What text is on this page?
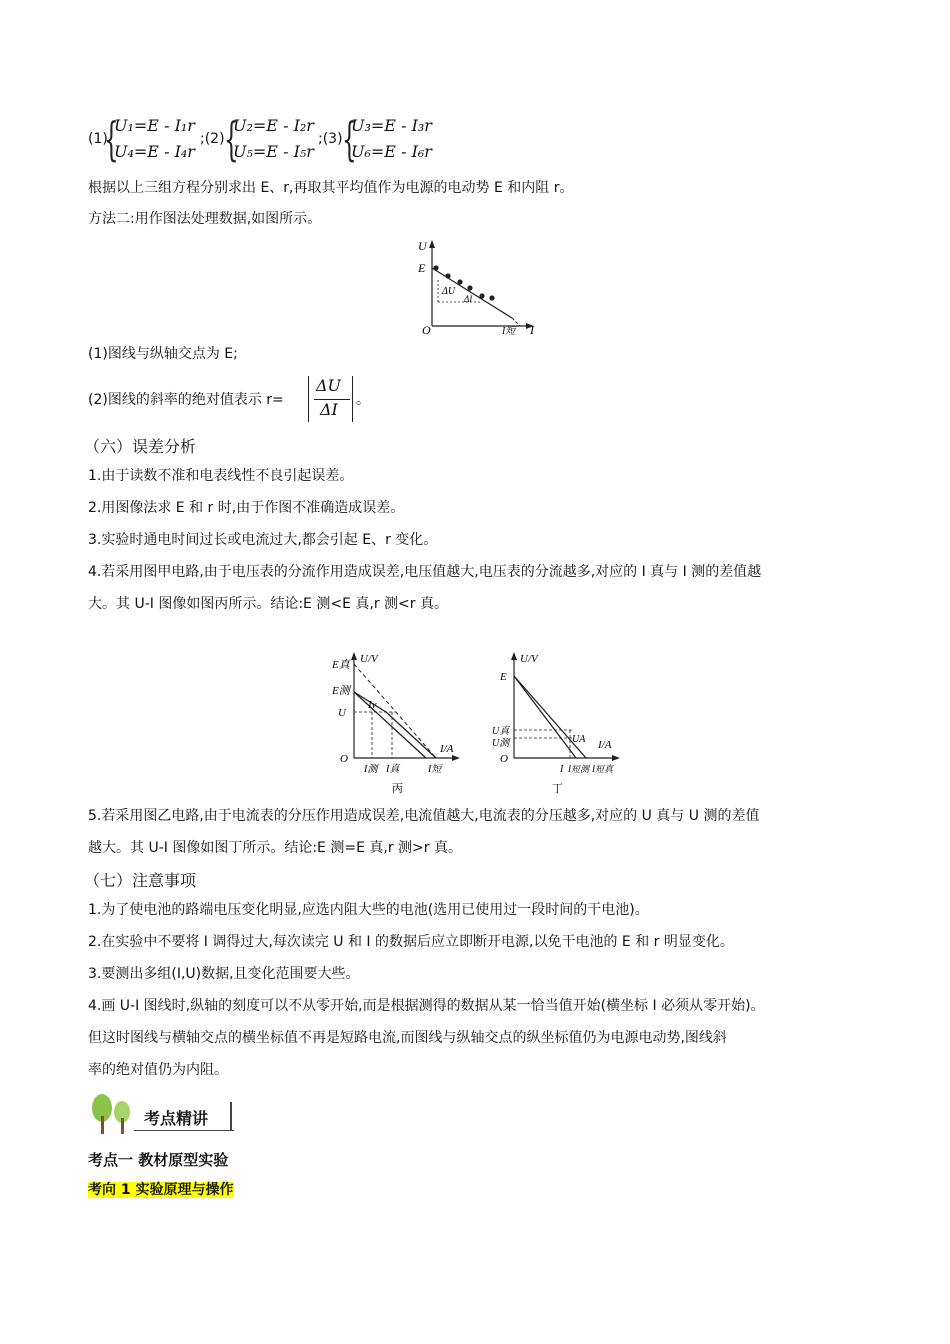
(1)
{
U₁=E - I₁r
U₄=E - I₄r
;(2) {
U₂=E - I₂r
U₅=E - I₅r
;(3) {
U₃=E - I₃r
U₆=E - I₆r
根据以上三组方程分别求出 E、r,再取其平均值作为电源的电动势 E 和内阻 r。
方法二:用作图法处理数据,如图所示。
U
E
O	I
I短
ΔU
ΔI
(1)图线与纵轴交点为 E;
(2)图线的斜率的绝对值表示 r=
ΔU
ΔI 。
（六）误差分析
1.由于读数不准和电表线性不良引起误差。
2.用图像法求 E 和 r 时,由于作图不准确造成误差。
3.实验时通电时间过长或电流过大,都会引起 E、r 变化。
4.若采用图甲电路,由于电压表的分流作用造成误差,电压值越大,电压表的分流越多,对应的 I 真与 I 测的差值越
大。其 U-I 图像如图丙所示。结论:E 测<E 真,r 测<r 真。
E真 U/V
E测
U
Iv
O
I/A
I测 I真	I短
丙
E
U/V
U真
U测	UA
O
I/A
I I短测 I短真
丁
5.若采用图乙电路,由于电流表的分压作用造成误差,电流值越大,电流表的分压越多,对应的 U 真与 U 测的差值
越大。其 U-I 图像如图丁所示。结论:E 测=E 真,r 测>r 真。
（七）注意事项
1.为了使电池的路端电压变化明显,应选内阻大些的电池(选用已使用过一段时间的干电池)。
2.在实验中不要将 I 调得过大,每次读完 U 和 I 的数据后应立即断开电源,以免干电池的 E 和 r 明显变化。
3.要测出多组(I,U)数据,且变化范围要大些。
4.画 U-I 图线时,纵轴的刻度可以不从零开始,而是根据测得的数据从某一恰当值开始(横坐标 I 必须从零开始)。
但这时图线与横轴交点的横坐标值不再是短路电流,而图线与纵轴交点的纵坐标值仍为电源电动势,图线斜
率的绝对值仍为内阻。
考点精讲
考点一 教材原型实验
考向 1 实验原理与操作
